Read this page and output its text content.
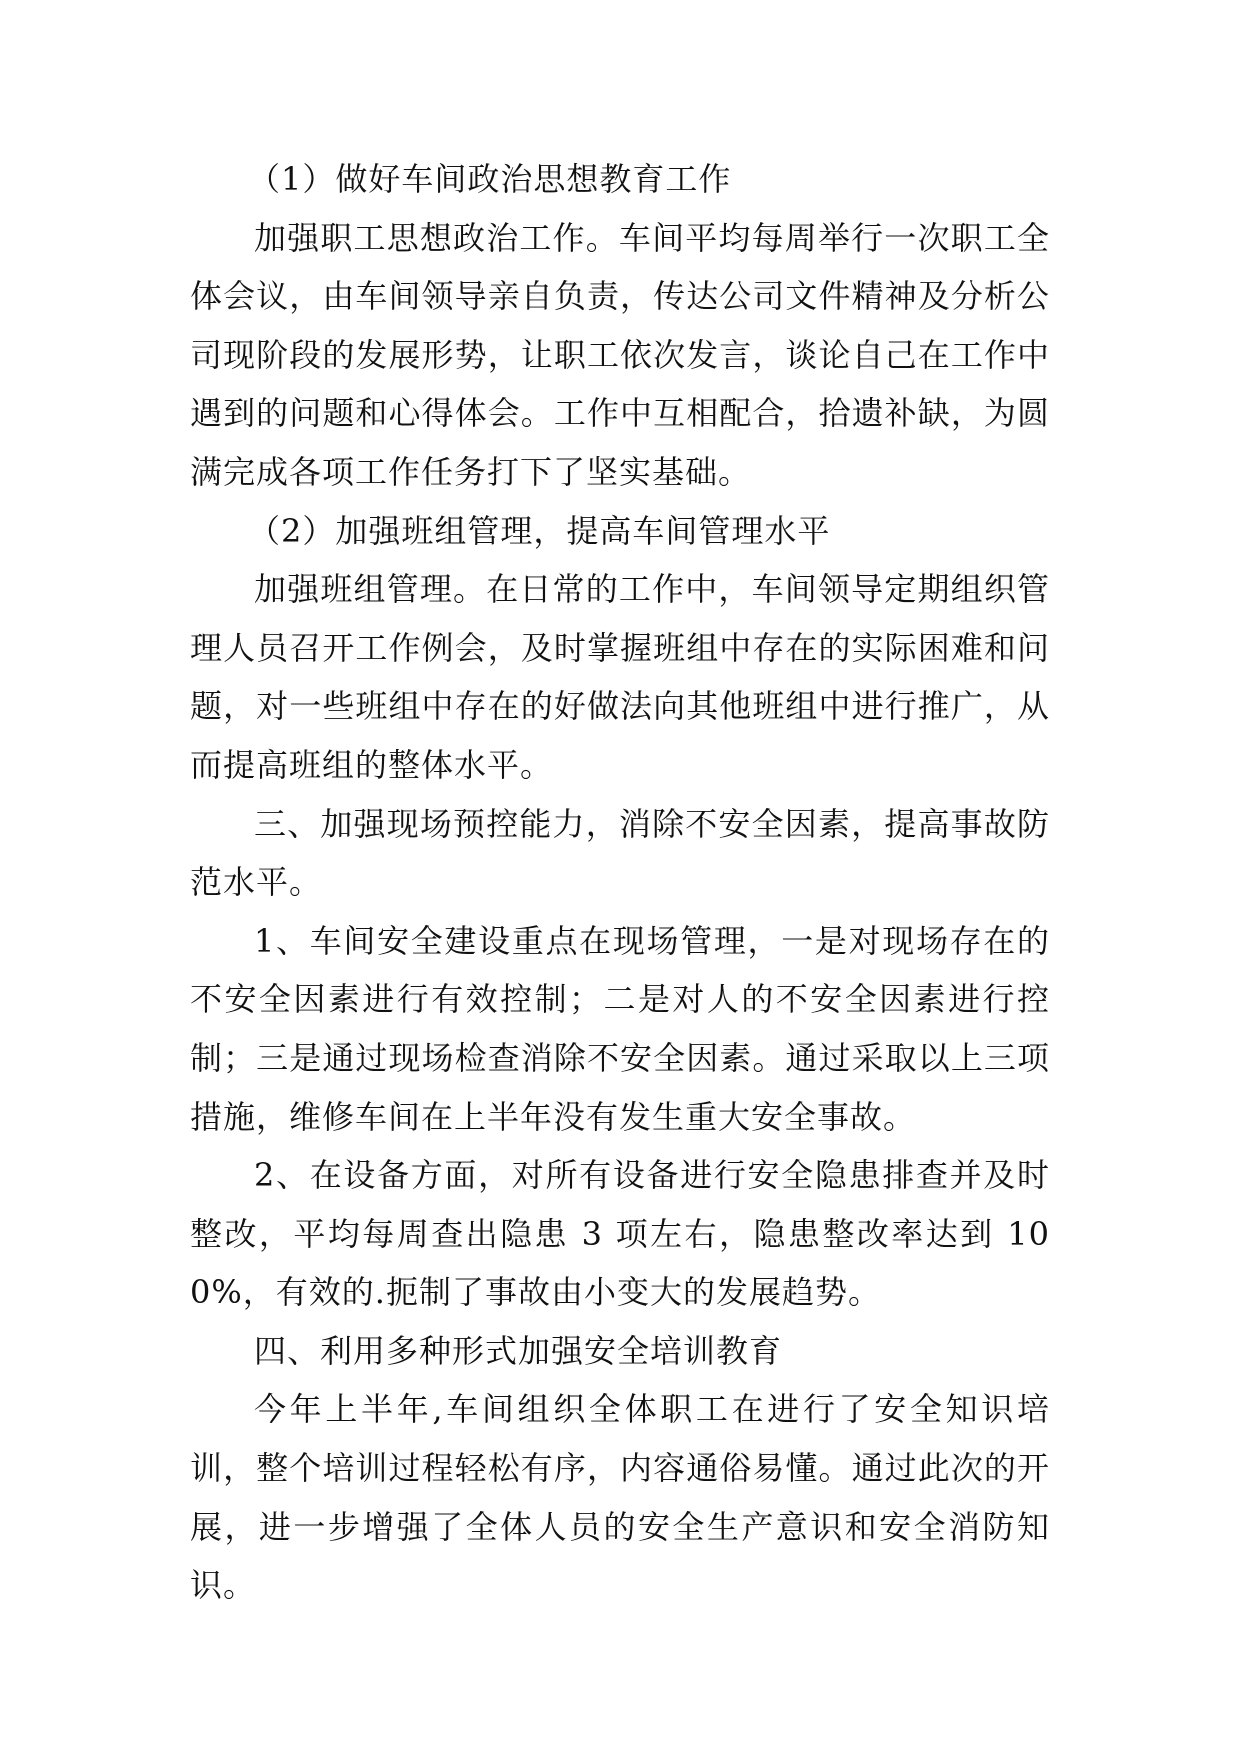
（1）做好车间政治思想教育工作

加强职工思想政治工作。车间平均每周举行一次职工全体会议，由车间领导亲自负责，传达公司文件精神及分析公司现阶段的发展形势，让职工依次发言，谈论自己在工作中遇到的问题和心得体会。工作中互相配合，拾遗补缺，为圆满完成各项工作任务打下了坚实基础。

（2）加强班组管理，提高车间管理水平

加强班组管理。在日常的工作中，车间领导定期组织管理人员召开工作例会，及时掌握班组中存在的实际困难和问题，对一些班组中存在的好做法向其他班组中进行推广，从而提高班组的整体水平。

三、加强现场预控能力，消除不安全因素，提高事故防范水平。

1、车间安全建设重点在现场管理，一是对现场存在的不安全因素进行有效控制；二是对人的不安全因素进行控制；三是通过现场检查消除不安全因素。通过采取以上三项措施，维修车间在上半年没有发生重大安全事故。

2、在设备方面，对所有设备进行安全隐患排查并及时整改，平均每周查出隐患 3 项左右，隐患整改率达到 100%，有效的.扼制了事故由小变大的发展趋势。

四、利用多种形式加强安全培训教育

今年上半年,车间组织全体职工在进行了安全知识培训，整个培训过程轻松有序，内容通俗易懂。通过此次的开展，进一步增强了全体人员的安全生产意识和安全消防知识。
